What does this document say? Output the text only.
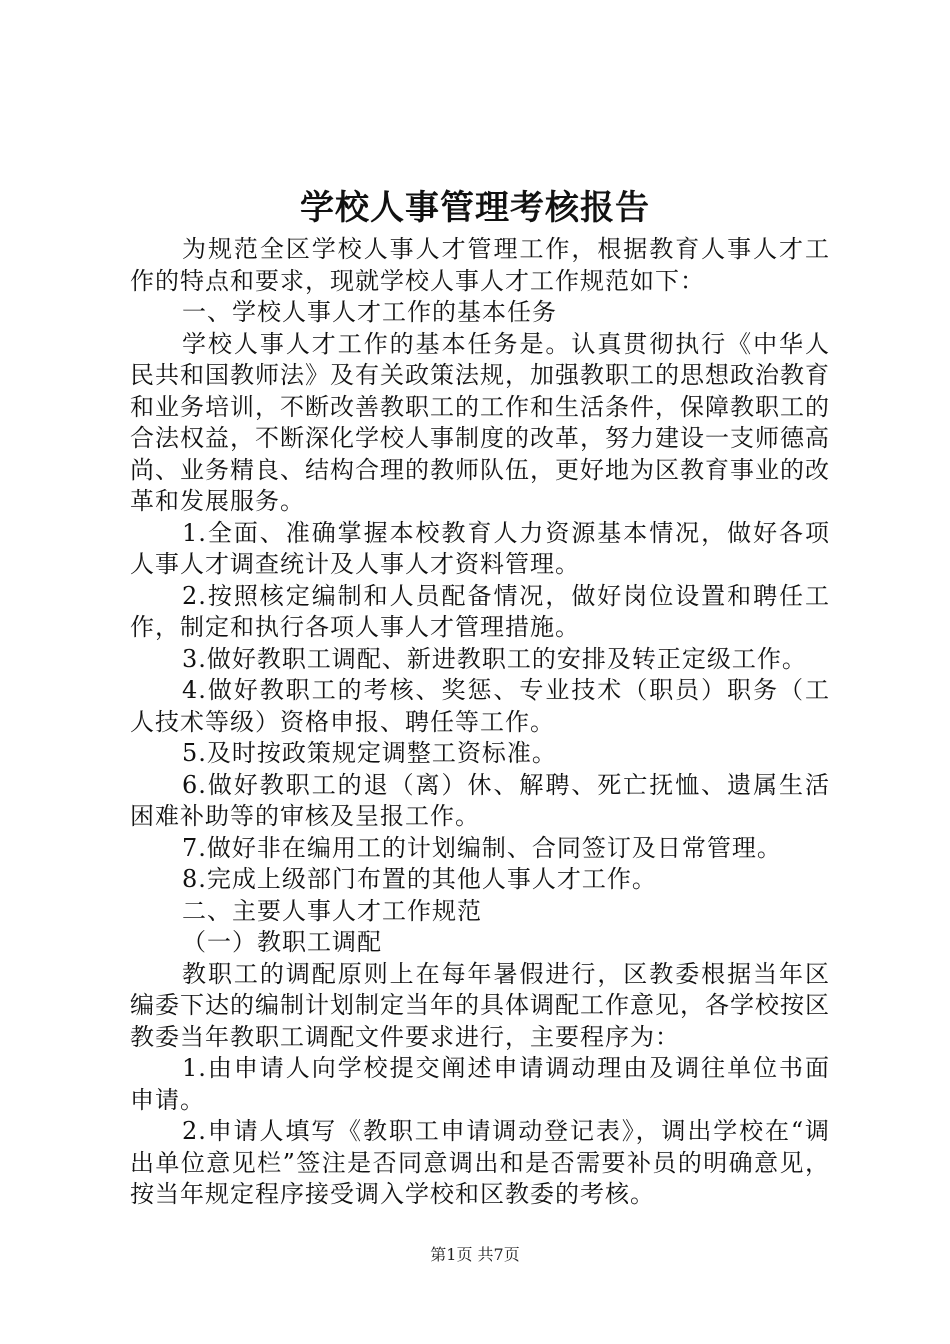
学校人事管理考核报告

为规范全区学校人事人才管理工作，根据教育人事人才工作的特点和要求，现就学校人事人才工作规范如下：

一、学校人事人才工作的基本任务

学校人事人才工作的基本任务是。认真贯彻执行《中华人民共和国教师法》及有关政策法规，加强教职工的思想政治教育和业务培训，不断改善教职工的工作和生活条件，保障教职工的合法权益，不断深化学校人事制度的改革，努力建设一支师德高尚、业务精良、结构合理的教师队伍，更好地为区教育事业的改革和发展服务。

1.全面、准确掌握本校教育人力资源基本情况，做好各项人事人才调查统计及人事人才资料管理。

2.按照核定编制和人员配备情况，做好岗位设置和聘任工作，制定和执行各项人事人才管理措施。

3.做好教职工调配、新进教职工的安排及转正定级工作。

4.做好教职工的考核、奖惩、专业技术（职员）职务（工人技术等级）资格申报、聘任等工作。

5.及时按政策规定调整工资标准。

6.做好教职工的退（离）休、解聘、死亡抚恤、遗属生活困难补助等的审核及呈报工作。

7.做好非在编用工的计划编制、合同签订及日常管理。

8.完成上级部门布置的其他人事人才工作。

二、主要人事人才工作规范

（一）教职工调配

教职工的调配原则上在每年暑假进行，区教委根据当年区编委下达的编制计划制定当年的具体调配工作意见，各学校按区教委当年教职工调配文件要求进行，主要程序为：

1.由申请人向学校提交阐述申请调动理由及调往单位书面申请。

2.申请人填写《教职工申请调动登记表》，调出学校在“调出单位意见栏”签注是否同意调出和是否需要补员的明确意见，按当年规定程序接受调入学校和区教委的考核。

第1页 共7页
